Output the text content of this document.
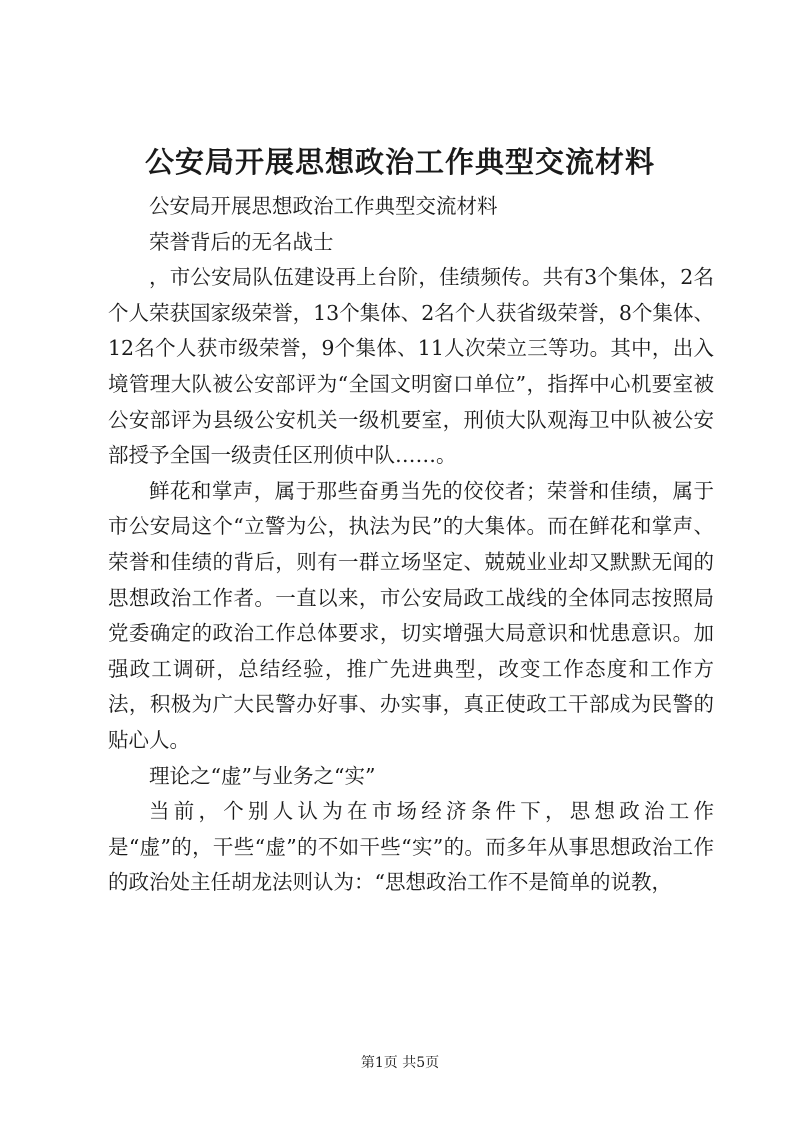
公安局开展思想政治工作典型交流材料

公安局开展思想政治工作典型交流材料

荣誉背后的无名战士

，市公安局队伍建设再上台阶，佳绩频传。共有3个集体，2名个人荣获国家级荣誉，13个集体、2名个人获省级荣誉，8个集体、12名个人获市级荣誉，9个集体、11人次荣立三等功。其中，出入境管理大队被公安部评为“全国文明窗口单位”，指挥中心机要室被公安部评为县级公安机关一级机要室，刑侦大队观海卫中队被公安部授予全国一级责任区刑侦中队……。

鲜花和掌声，属于那些奋勇当先的佼佼者；荣誉和佳绩，属于市公安局这个“立警为公，执法为民”的大集体。而在鲜花和掌声、荣誉和佳绩的背后，则有一群立场坚定、兢兢业业却又默默无闻的思想政治工作者。一直以来，市公安局政工战线的全体同志按照局党委确定的政治工作总体要求，切实增强大局意识和忧患意识。加强政工调研，总结经验，推广先进典型，改变工作态度和工作方法，积极为广大民警办好事、办实事，真正使政工干部成为民警的贴心人。

理论之“虚”与业务之“实”

当前，个别人认为在市场经济条件下，思想政治工作是“虚”的，干些“虚”的不如干些“实”的。而多年从事思想政治工作的政治处主任胡龙法则认为：“思想政治工作不是简单的说教，

第1页 共5页
